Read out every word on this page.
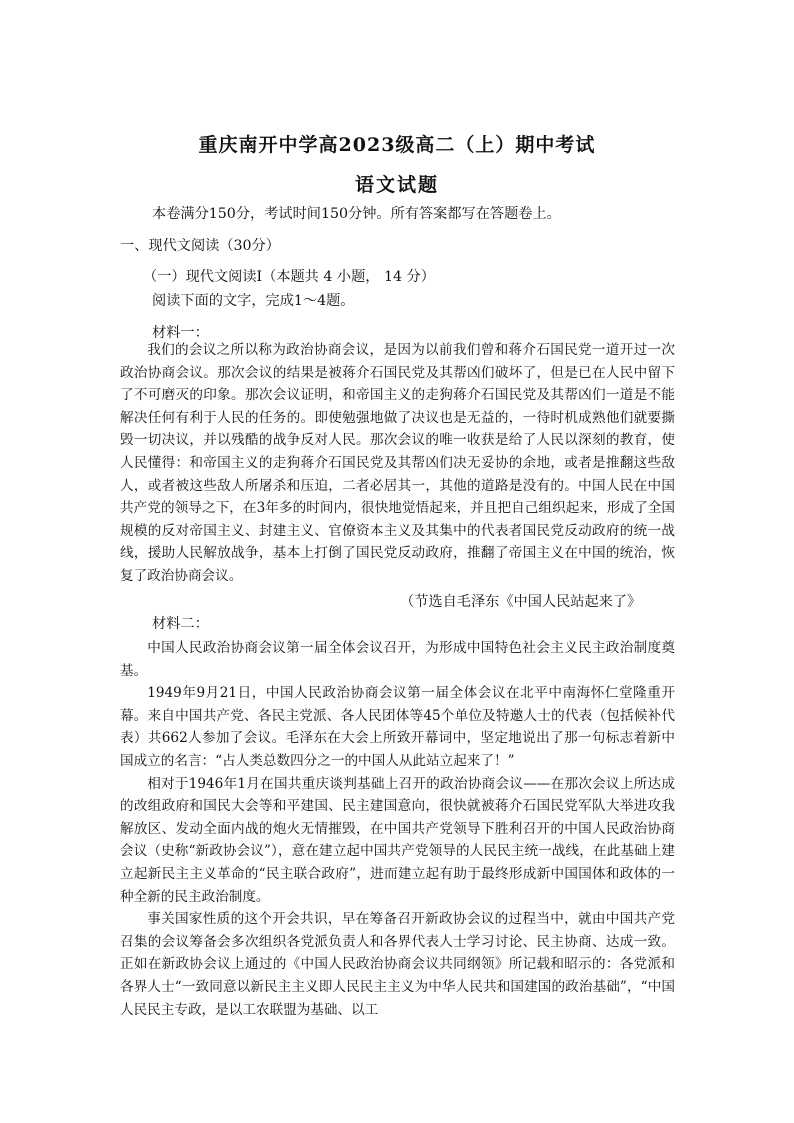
重庆南开中学高2023级高二（上）期中考试
语文试题
本卷满分150分，考试时间150分钟。所有答案都写在答题卷上。
一、现代文阅读（30分）
（一）现代文阅读Ⅰ（本题共 4 小题， 14 分）
阅读下面的文字，完成1～4题。
材料一：

我们的会议之所以称为政治协商会议，是因为以前我们曾和蒋介石国民党一道开过一次政治协商会议。那次会议的结果是被蒋介石国民党及其帮凶们破坏了，但是已在人民中留下了不可磨灭的印象。那次会议证明，和帝国主义的走狗蒋介石国民党及其帮凶们一道是不能解决任何有利于人民的任务的。即使勉强地做了决议也是无益的，一待时机成熟他们就要撕毁一切决议，并以残酷的战争反对人民。那次会议的唯一收获是给了人民以深刻的教育，使人民懂得：和帝国主义的走狗蒋介石国民党及其帮凶们决无妥协的余地，或者是推翻这些敌人，或者被这些敌人所屠杀和压迫，二者必居其一，其他的道路是没有的。中国人民在中国共产党的领导之下，在3年多的时间内，很快地觉悟起来，并且把自己组织起来，形成了全国规模的反对帝国主义、封建主义、官僚资本主义及其集中的代表者国民党反动政府的统一战线，援助人民解放战争，基本上打倒了国民党反动政府，推翻了帝国主义在中国的统治，恢复了政治协商会议。

（节选自毛泽东《中国人民站起来了》
材料二：

中国人民政治协商会议第一届全体会议召开，为形成中国特色社会主义民主政治制度奠基。

1949年9月21日，中国人民政治协商会议第一届全体会议在北平中南海怀仁堂隆重开幕。来自中国共产党、各民主党派、各人民团体等45个单位及特邀人士的代表（包括候补代表）共662人参加了会议。毛泽东在大会上所致开幕词中，坚定地说出了那一句标志着新中国成立的名言：“占人类总数四分之一的中国人从此站立起来了！”

相对于1946年1月在国共重庆谈判基础上召开的政治协商会议——在那次会议上所达成的改组政府和国民大会等和平建国、民主建国意向，很快就被蒋介石国民党军队大举进攻我解放区、发动全面内战的炮火无情摧毁，在中国共产党领导下胜利召开的中国人民政治协商会议（史称“新政协会议”），意在建立起中国共产党领导的人民民主统一战线，在此基础上建立起新民主主义革命的“民主联合政府”，进而建立起有助于最终形成新中国国体和政体的一种全新的民主政治制度。

事关国家性质的这个开会共识，早在筹备召开新政协会议的过程当中，就由中国共产党召集的会议筹备会多次组织各党派负责人和各界代表人士学习讨论、民主协商、达成一致。正如在新政协会议上通过的《中国人民政治协商会议共同纲领》所记载和昭示的：各党派和各界人士“一致同意以新民主主义即人民民主主义为中华人民共和国建国的政治基础”，“中国人民民主专政，是以工农联盟为基础、以工
